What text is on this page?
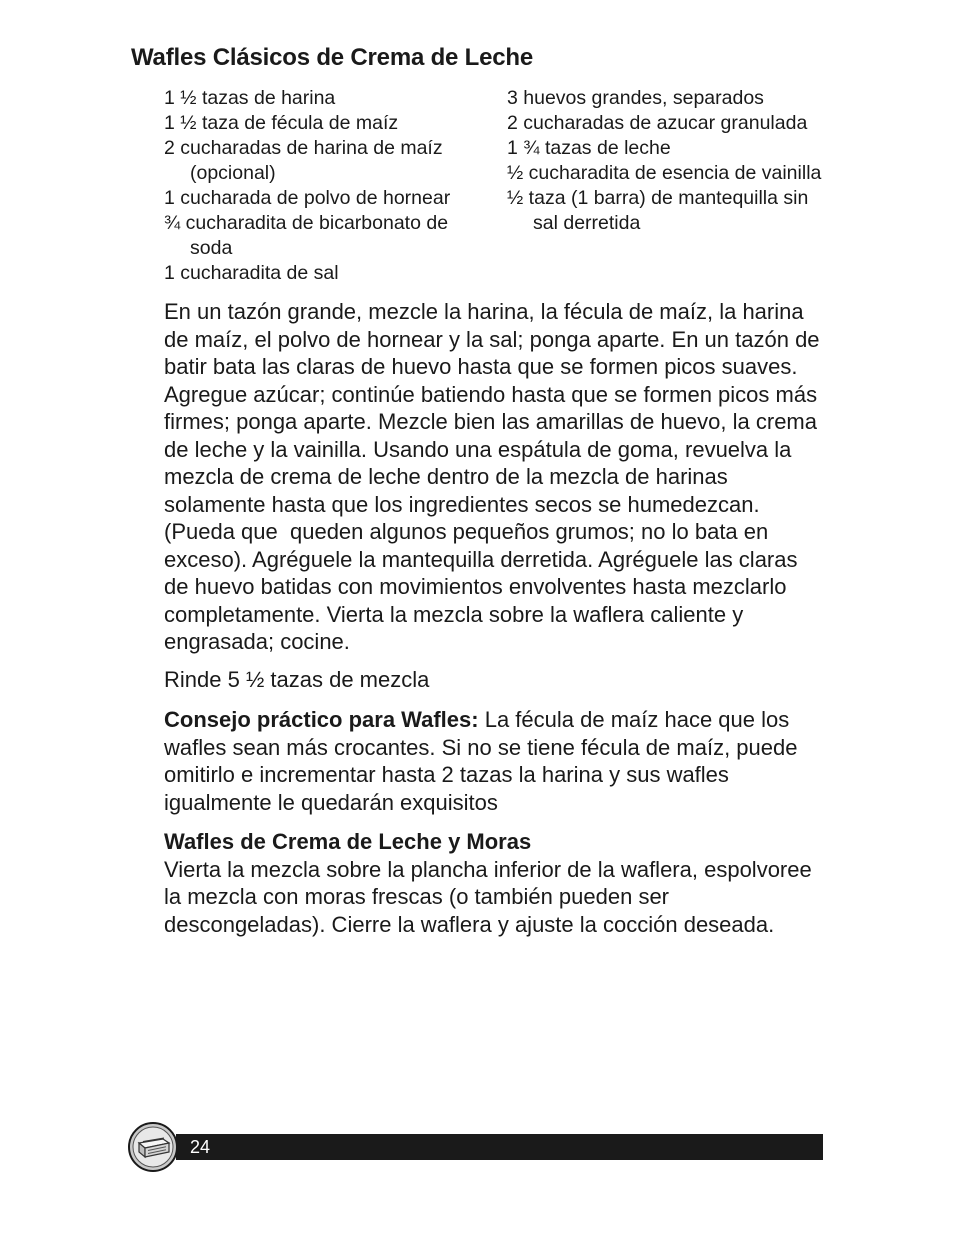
Wafles Clásicos de Crema de Leche

1 ½ tazas de harina

1 ½ taza de fécula de maíz

2 cucharadas de harina de maíz (opcional)

1 cucharada de polvo de hornear

¾ cucharadita de bicarbonato de soda

1 cucharadita de sal

3 huevos grandes, separados

2 cucharadas de azucar granulada

1 ¾ tazas de leche

½ cucharadita de esencia de vainilla

½ taza (1 barra) de mantequilla sin sal derretida

En un tazón grande, mezcle la harina, la fécula de maíz, la harina de maíz, el polvo de hornear y la sal; ponga aparte. En un tazón de batir bata las claras de huevo hasta que se formen picos suaves. Agregue azúcar; continúe batiendo hasta que se formen picos más firmes; ponga aparte. Mezcle bien las amarillas de huevo, la crema de leche y la vainilla. Usando una espátula de goma, revuelva la mezcla de crema de leche dentro de la mezcla de harinas solamente hasta que los ingredientes secos se humedezcan. (Pueda que  queden algunos pequeños grumos; no lo bata en exceso). Agréguele la mantequilla derretida. Agréguele las claras de huevo batidas con movimientos envolventes hasta mezclarlo completamente. Vierta la mezcla sobre la waflera caliente y engrasada; cocine.

Rinde 5 ½ tazas de mezcla

Consejo práctico para Wafles: La fécula de maíz hace que los wafles sean más crocantes. Si no se tiene fécula de maíz, puede omitirlo e incrementar hasta 2 tazas la harina y sus wafles igualmente le quedarán exquisitos

Wafles de Crema de Leche y Moras
Vierta la mezcla sobre la plancha inferior de la waflera, espolvoree la mezcla con moras frescas (o también pueden ser descongeladas). Cierre la waflera y ajuste la cocción deseada.

24
